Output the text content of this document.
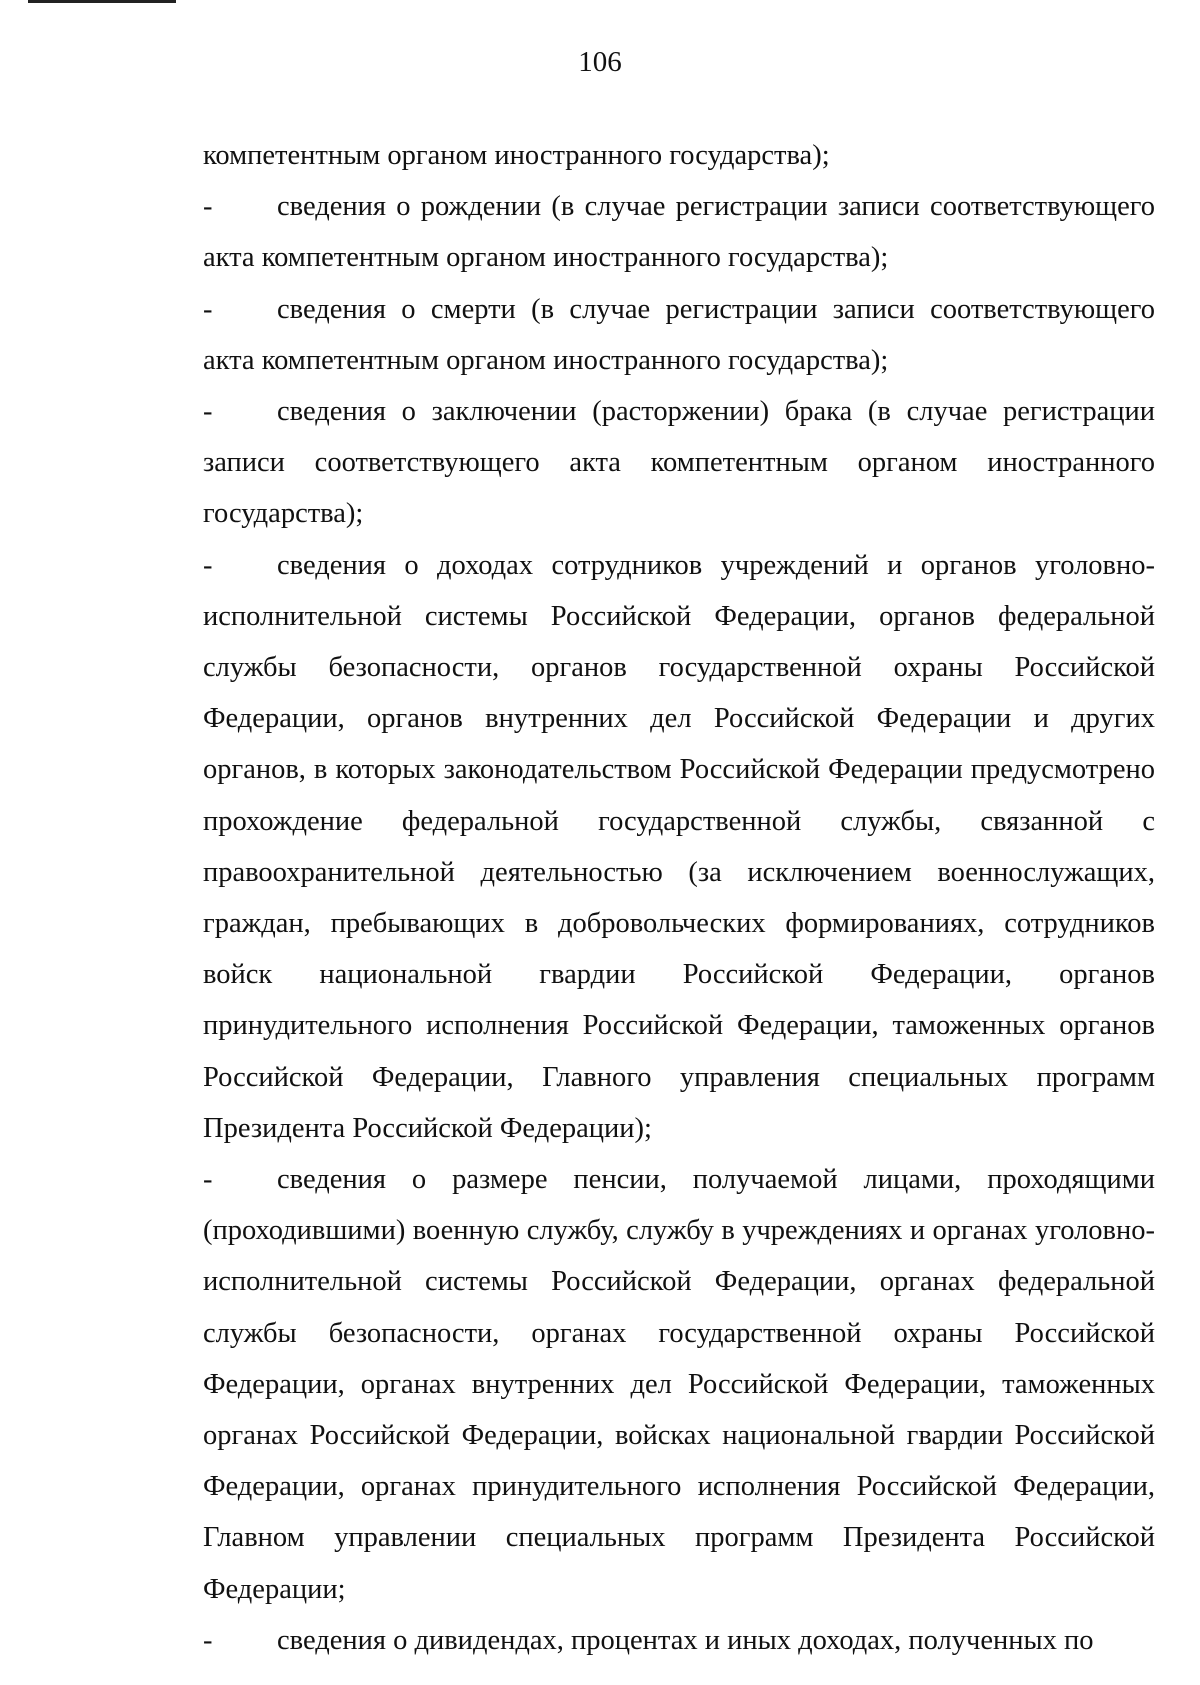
106
компетентным органом иностранного государства);
-	сведения о рождении (в случае регистрации записи соответствующего акта компетентным органом иностранного государства);
-	сведения о смерти (в случае регистрации записи соответствующего акта компетентным органом иностранного государства);
-	сведения о заключении (расторжении) брака (в случае регистрации записи соответствующего акта компетентным органом иностранного государства);
-	сведения о доходах сотрудников учреждений и органов уголовно-исполнительной системы Российской Федерации, органов федеральной службы безопасности, органов государственной охраны Российской Федерации, органов внутренних дел Российской Федерации и других органов, в которых законодательством Российской Федерации предусмотрено прохождение федеральной государственной службы, связанной с правоохранительной деятельностью (за исключением военнослужащих, граждан, пребывающих в добровольческих формированиях, сотрудников войск национальной гвардии Российской Федерации, органов принудительного исполнения Российской Федерации, таможенных органов Российской Федерации, Главного управления специальных программ Президента Российской Федерации);
-	сведения о размере пенсии, получаемой лицами, проходящими (проходившими) военную службу, службу в учреждениях и органах уголовно-исполнительной системы Российской Федерации, органах федеральной службы безопасности, органах государственной охраны Российской Федерации, органах внутренних дел Российской Федерации, таможенных органах Российской Федерации, войсках национальной гвардии Российской Федерации, органах принудительного исполнения Российской Федерации, Главном управлении специальных программ Президента Российской Федерации;
-	сведения о дивидендах, процентах и иных доходах, полученных по
